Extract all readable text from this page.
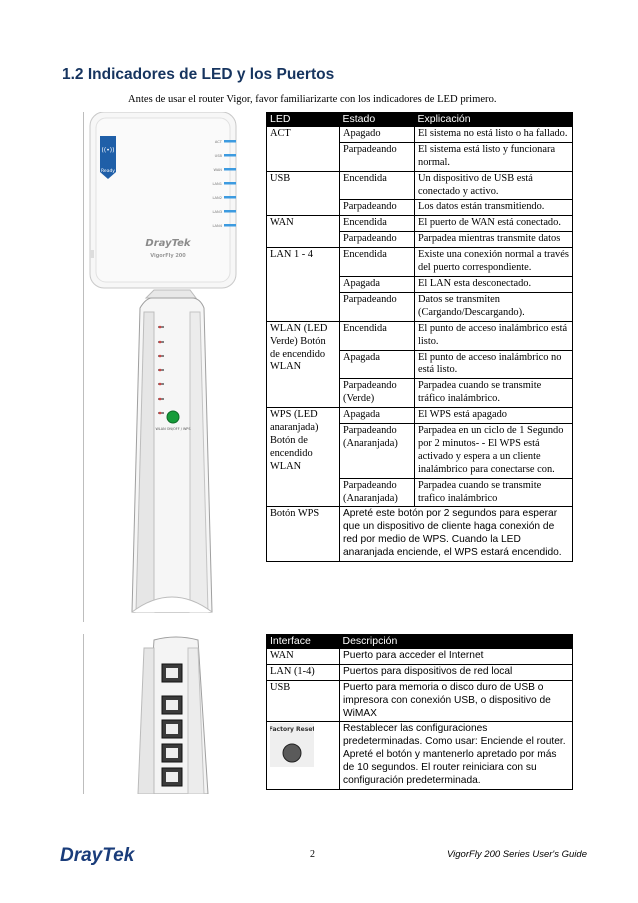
1.2 Indicadores de LED y los Puertos
Antes de usar el router Vigor, favor familiarizarte con los indicadores de LED primero.
((•))
Ready
ACT
USB
WAN
LAN1
LAN2
LAN3
LAN4
DrayTek
VigorFly 200
WLAN ON/OFF / WPS
LED	Estado	Explicación
ACT	Apagado	El sistema no está listo o ha fallado.
	Parpadeando	El sistema está listo y funcionara normal.
USB	Encendida	Un dispositivo de USB está conectado y activo.
	Parpadeando	Los datos están transmitiendo.
WAN	Encendida	El puerto de WAN está conectado.
	Parpadeando	Parpadea mientras transmite datos
LAN 1 - 4	Encendida	Existe una conexión normal a través del puerto correspondiente.
	Apagada	El LAN esta desconectado.
	Parpadeando	Datos se transmiten (Cargando/Descargando).
WLAN (LED Verde) Botón de encendido WLAN	Encendida	El punto de acceso inalámbrico está listo.
	Apagada	El punto de acceso inalámbrico no está listo.
	Parpadeando (Verde)	Parpadea cuando se transmite tráfico inalámbrico.
WPS (LED anaranjada) Botón de encendido WLAN	Apagada	El WPS está apagado
	Parpadeando (Anaranjada)	Parpadea en un ciclo de 1 Segundo por 2 minutos- - El WPS está activado y espera a un cliente inalámbrico para conectarse con.
	Parpadeando (Anaranjada)	Parpadea cuando se transmite trafico inalámbrico
Botón WPS	Apreté este botón por 2 segundos para esperar que un dispositivo de cliente haga conexión de red por medio de WPS. Cuando la LED anaranjada enciende, el WPS estará encendido.	
Interface	Descripción
WAN	Puerto para acceder el Internet
LAN (1-4)	Puertos para dispositivos de red local
USB	Puerto para memoria o disco duro de USB o impresora con conexión USB, o dispositivo de WiMAX

Factory Reset	Restablecer las configuraciones predeterminadas. Como usar: Enciende el router. Apreté el botón y mantenerlo apretado por más de 10 segundos. El router reiniciara con su configuración predeterminada.
DrayTek	2	VigorFly 200 Series User's Guide
